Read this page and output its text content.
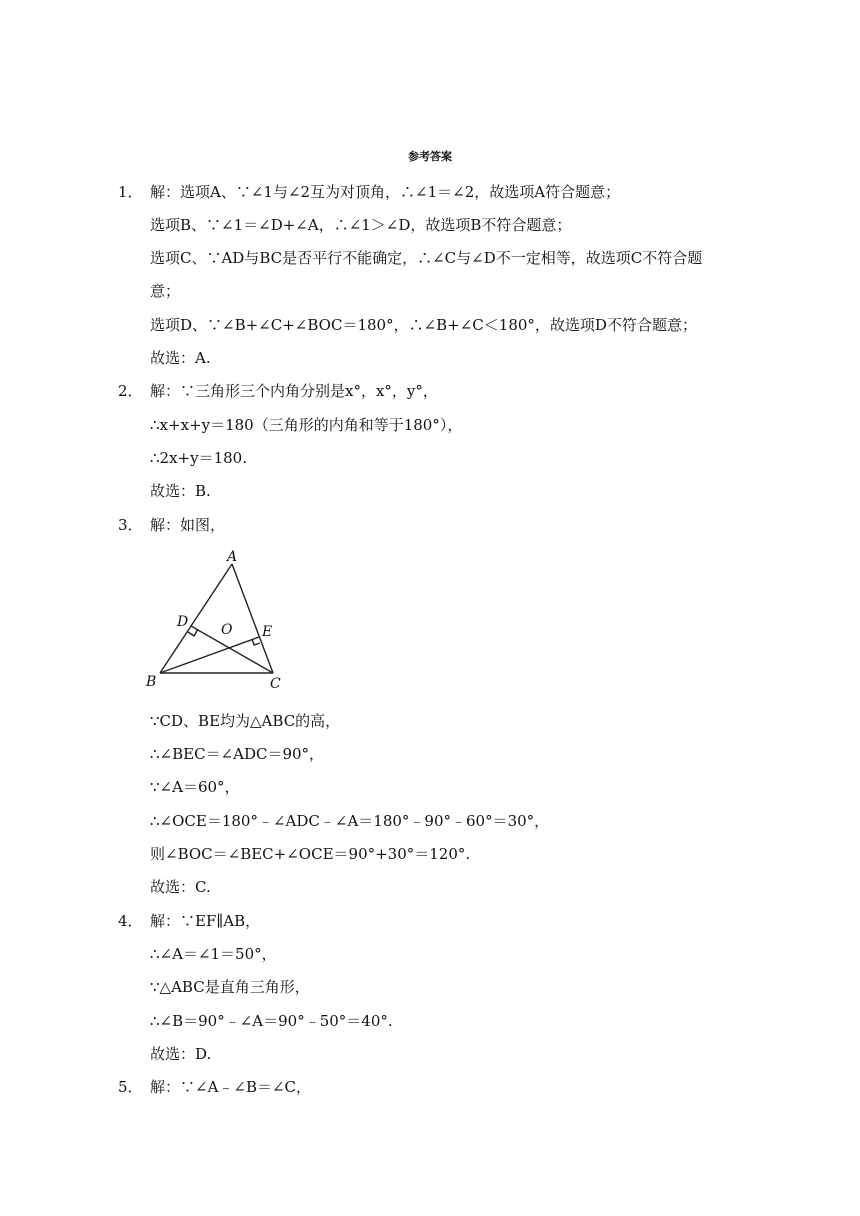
参考答案
1． 解：选项A、∵∠1与∠2互为对顶角，∴∠1＝∠2，故选项A符合题意；
选项B、∵∠1＝∠D+∠A，∴∠1＞∠D，故选项B不符合题意；
选项C、∵AD与BC是否平行不能确定，∴∠C与∠D不一定相等，故选项C不符合题
意；
选项D、∵∠B+∠C+∠BOC＝180°，∴∠B+∠C＜180°，故选项D不符合题意；
故选：A.
2． 解：∵三角形三个内角分别是x°，x°，y°，
∴x+x+y＝180（三角形的内角和等于180°），
∴2x+y＝180.
故选：B.
3． 解：如图，
A
D O E
B	C
∵CD、BE均为△ABC的高，
∴∠BEC＝∠ADC＝90°，
∵∠A＝60°，
∴∠OCE＝180°﹣∠ADC﹣∠A＝180°﹣90°﹣60°＝30°，
则∠BOC＝∠BEC+∠OCE＝90°+30°＝120°.
故选：C.
4． 解：∵EF∥AB，
∴∠A＝∠1＝50°，
∵△ABC是直角三角形，
∴∠B＝90°﹣∠A＝90°﹣50°＝40°.
故选：D.
5． 解：∵∠A﹣∠B＝∠C，
